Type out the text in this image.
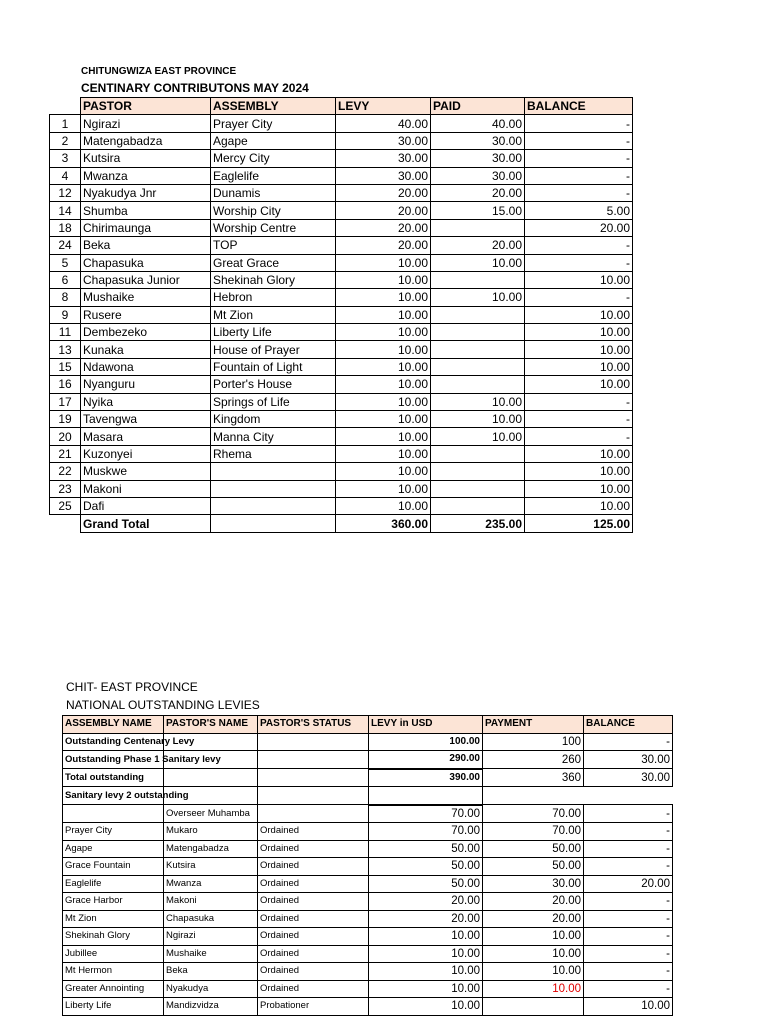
CHITUNGWIZA EAST PROVINCE
CENTINARY CONTRIBUTONS MAY 2024
	PASTOR	ASSEMBLY	LEVY	PAID	BALANCE
1	Ngirazi	Prayer City	40.00	40.00	-
2	Matengabadza	Agape	30.00	30.00	-
3	Kutsira	Mercy City	30.00	30.00	-
4	Mwanza	Eaglelife	30.00	30.00	-
12	Nyakudya Jnr	Dunamis	20.00	20.00	-
14	Shumba	Worship City	20.00	15.00	5.00
18	Chirimaunga	Worship Centre	20.00		20.00
24	Beka	TOP	20.00	20.00	-
5	Chapasuka	Great Grace	10.00	10.00	-
6	Chapasuka Junior	Shekinah Glory	10.00		10.00
8	Mushaike	Hebron	10.00	10.00	-
9	Rusere	Mt Zion	10.00		10.00
11	Dembezeko	Liberty Life	10.00		10.00
13	Kunaka	House of Prayer	10.00		10.00
15	Ndawona	Fountain of Light	10.00		10.00
16	Nyanguru	Porter's House	10.00		10.00
17	Nyika	Springs of Life	10.00	10.00	-
19	Tavengwa	Kingdom	10.00	10.00	-
20	Masara	Manna City	10.00	10.00	-
21	Kuzonyei	Rhema	10.00		10.00
22	Muskwe		10.00		10.00
23	Makoni		10.00		10.00
25	Dafi		10.00		10.00
	Grand Total		360.00	235.00	125.00
CHIT- EAST PROVINCE
NATIONAL OUTSTANDING LEVIES
ASSEMBLY NAME	PASTOR'S NAME	PASTOR'S STATUS	LEVY in USD	PAYMENT	BALANCE
Outstanding Centenary Levy			100.00	100	-
Outstanding Phase 1 Sanitary levy			290.00	260	30.00
Total outstanding			390.00	360	30.00
Sanitary levy 2 outstanding					
	Overseer Muhamba		70.00	70.00	-
Prayer City	Mukaro	Ordained	70.00	70.00	-
Agape	Matengabadza	Ordained	50.00	50.00	-
Grace Fountain	Kutsira	Ordained	50.00	50.00	-
Eaglelife	Mwanza	Ordained	50.00	30.00	20.00
Grace Harbor	Makoni	Ordained	20.00	20.00	-
Mt Zion	Chapasuka	Ordained	20.00	20.00	-
Shekinah Glory	Ngirazi	Ordained	10.00	10.00	-
Jubillee	Mushaike	Ordained	10.00	10.00	-
Mt Hermon	Beka	Ordained	10.00	10.00	-
Greater Annointing	Nyakudya	Ordained	10.00	10.00	-
Liberty Life	Mandizvidza	Probationer	10.00		10.00
